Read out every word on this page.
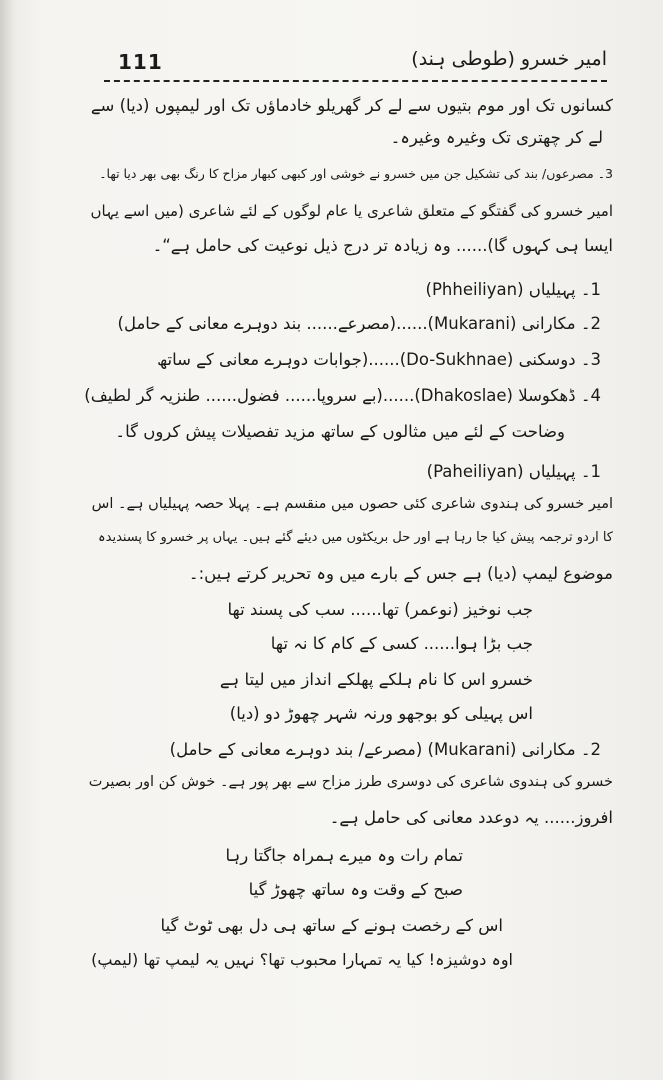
111	امیر خسرو (طوطی ہند)
کسانوں تک اور موم بتیوں سے لے کر گھریلو خادماؤں تک اور لیمپوں (دیا) سے
لے کر چھتری تک وغیرہ وغیرہ۔
3۔ مصرعوں/ بند کی تشکیل جن میں خسرو نے خوشی اور کبھی کبھار مزاح کا رنگ بھی بھر دیا تھا۔
امیر خسرو کی گفتگو کے متعلق شاعری یا عام لوگوں کے لئے شاعری (میں اسے یہاں
ایسا ہی کہوں گا)...... وہ زیادہ تر درج ذیل نوعیت کی حامل ہے“۔
1۔ پہیلیاں (Phheiliyan)
2۔ مکارانی (Mukarani)......(مصرعے...... بند دوہرے معانی کے حامل)
3۔ دوسکنی (Do-Sukhnae)......(جوابات دوہرے معانی کے ساتھ
4۔ ڈھکوسلا (Dhakoslae)......(بے سروپا...... فضول...... طنزیہ گر لطیف)
وضاحت کے لئے میں مثالوں کے ساتھ مزید تفصیلات پیش کروں گا۔
1۔ پہیلیاں (Paheiliyan)
امیر خسرو کی ہندوی شاعری کئی حصوں میں منقسم ہے۔ پہلا حصہ پہیلیاں ہے۔ اس
کا اردو ترجمہ پیش کیا جا رہا ہے اور حل بریکٹوں میں دیئے گئے ہیں۔ یہاں پر خسرو کا پسندیدہ
موضوع لیمپ (دیا) ہے جس کے بارے میں وہ تحریر کرتے ہیں:۔
جب نوخیز (نوعمر) تھا...... سب کی پسند تھا
جب بڑا ہوا...... کسی کے کام کا نہ تھا
خسرو اس کا نام ہلکے پھلکے انداز میں لیتا ہے
اس پہیلی کو بوجھو ورنہ شہر چھوڑ دو (دیا)
2۔ مکارانی (Mukarani) (مصرعے/ بند دوہرے معانی کے حامل)
خسرو کی ہندوی شاعری کی دوسری طرز مزاح سے بھر پور ہے۔ خوش کن اور بصیرت
افروز...... یہ دوعدد معانی کی حامل ہے۔
تمام رات وہ میرے ہمراہ جاگتا رہا
صبح کے وقت وہ ساتھ چھوڑ گیا
اس کے رخصت ہونے کے ساتھ ہی دل بھی ٹوٹ گیا
اوہ دوشیزہ! کیا یہ تمہارا محبوب تھا؟ نہیں یہ لیمپ تھا (لیمپ)
